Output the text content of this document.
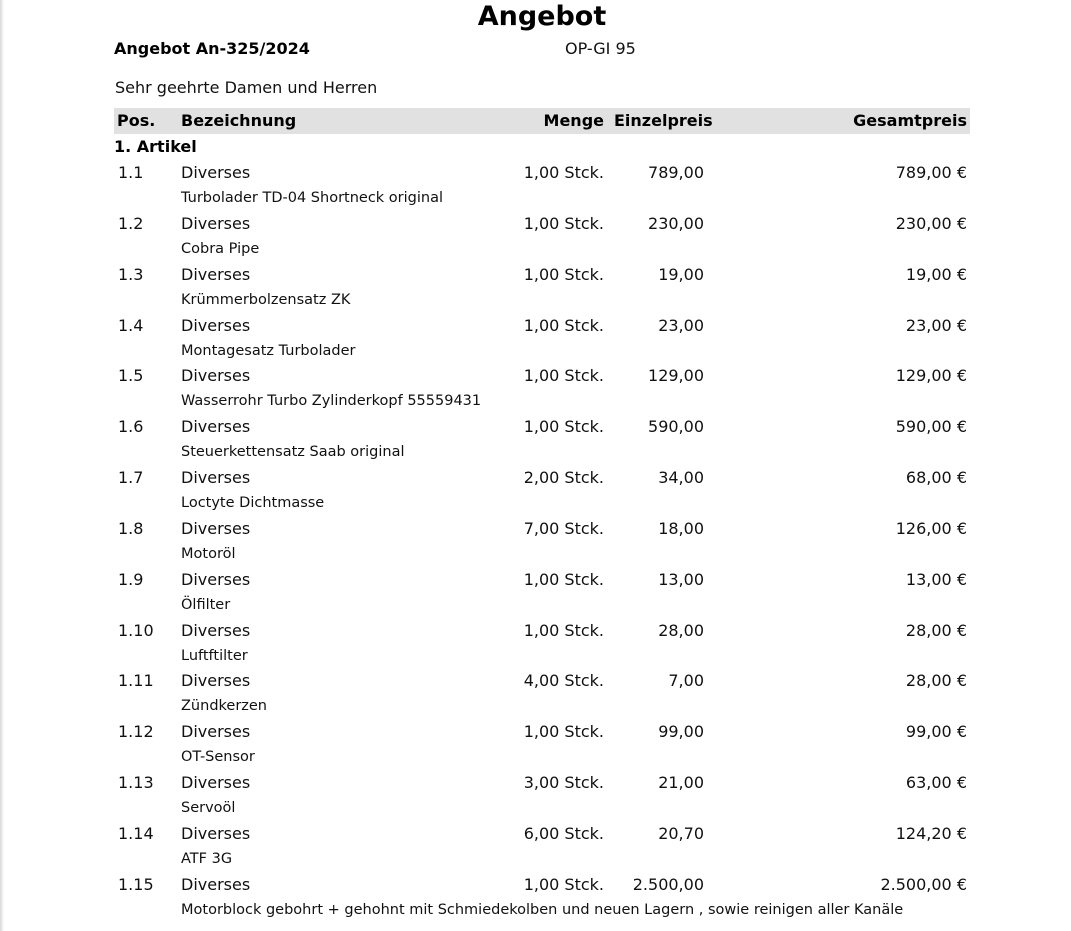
Angebot
Angebot An-325/2024	OP-GI 95
Sehr geehrte Damen und Herren
Pos. Bezeichnung	Menge Einzelpreis	Gesamtpreis
1. Artikel
1.1 Diverses	1,00 Stck.	789,00	789,00 €
Turbolader TD-04 Shortneck original
1.2 Diverses	1,00 Stck.	230,00	230,00 €
Cobra Pipe
1.3 Diverses	1,00 Stck.	19,00	19,00 €
Krümmerbolzensatz ZK
1.4 Diverses	1,00 Stck.	23,00	23,00 €
Montagesatz Turbolader
1.5 Diverses	1,00 Stck.	129,00	129,00 €
Wasserrohr Turbo Zylinderkopf 55559431
1.6 Diverses	1,00 Stck.	590,00	590,00 €
Steuerkettensatz Saab original
1.7 Diverses	2,00 Stck.	34,00	68,00 €
Loctyte Dichtmasse
1.8 Diverses	7,00 Stck.	18,00	126,00 €
Motoröl
1.9 Diverses	1,00 Stck.	13,00	13,00 €
Ölfilter
1.10 Diverses	1,00 Stck.	28,00	28,00 €
Luftftilter
1.11 Diverses	4,00 Stck.	7,00	28,00 €
Zündkerzen
1.12 Diverses	1,00 Stck.	99,00	99,00 €
OT-Sensor
1.13 Diverses	3,00 Stck.	21,00	63,00 €
Servoöl
1.14 Diverses	6,00 Stck.	20,70	124,20 €
ATF 3G
1.15 Diverses	1,00 Stck. 2.500,00	2.500,00 €
Motorblock gebohrt + gehohnt mit Schmiedekolben und neuen Lagern , sowie reinigen aller Kanäle
